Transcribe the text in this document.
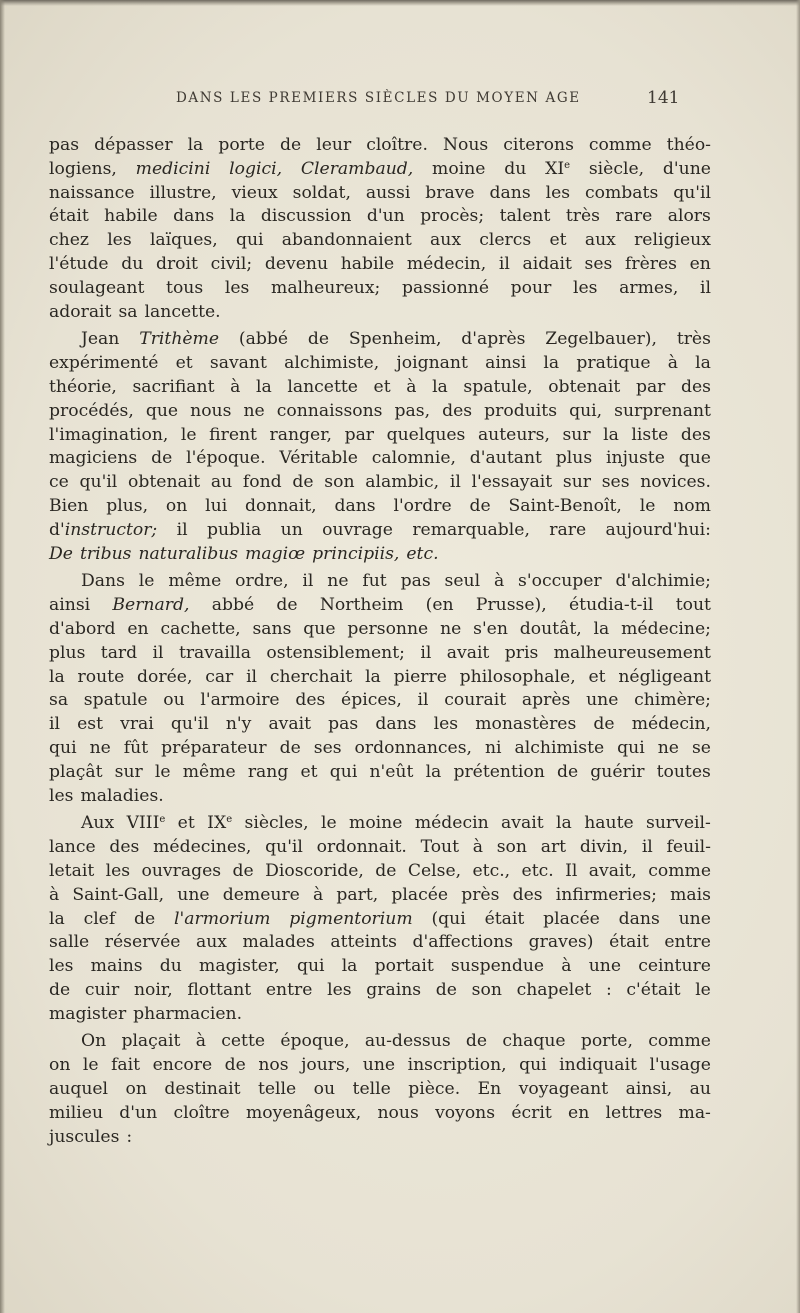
DANS LES PREMIERS SIÈCLES DU MOYEN AGE	141
pas dépasser la porte de leur cloître. Nous citerons comme théo-
logiens, medicini logici, Clerambaud, moine du XIe siècle, d'une
naissance illustre, vieux soldat, aussi brave dans les combats qu'il
était habile dans la discussion d'un procès; talent très rare alors
chez les laïques, qui abandonnaient aux clercs et aux religieux
l'étude du droit civil; devenu habile médecin, il aidait ses frères en
soulageant tous les malheureux; passionné pour les armes, il
adorait sa lancette.
Jean Trithème (abbé de Spenheim, d'après Zegelbauer), très
expérimenté et savant alchimiste, joignant ainsi la pratique à la
théorie, sacrifiant à la lancette et à la spatule, obtenait par des
procédés, que nous ne connaissons pas, des produits qui, surprenant
l'imagination, le firent ranger, par quelques auteurs, sur la liste des
magiciens de l'époque. Véritable calomnie, d'autant plus injuste que
ce qu'il obtenait au fond de son alambic, il l'essayait sur ses novices.
Bien plus, on lui donnait, dans l'ordre de Saint-Benoît, le nom
d'instructor; il publia un ouvrage remarquable, rare aujourd'hui:
De tribus naturalibus magiœ principiis, etc.
Dans le même ordre, il ne fut pas seul à s'occuper d'alchimie;
ainsi Bernard, abbé de Northeim (en Prusse), étudia-t-il tout
d'abord en cachette, sans que personne ne s'en doutât, la médecine;
plus tard il travailla ostensiblement; il avait pris malheureusement
la route dorée, car il cherchait la pierre philosophale, et négligeant
sa spatule ou l'armoire des épices, il courait après une chimère;
il est vrai qu'il n'y avait pas dans les monastères de médecin,
qui ne fût préparateur de ses ordonnances, ni alchimiste qui ne se
plaçât sur le même rang et qui n'eût la prétention de guérir toutes
les maladies.
Aux VIIIe et IXe siècles, le moine médecin avait la haute surveil-
lance des médecines, qu'il ordonnait. Tout à son art divin, il feuil-
letait les ouvrages de Dioscoride, de Celse, etc., etc. Il avait, comme
à Saint-Gall, une demeure à part, placée près des infirmeries; mais
la clef de l'armorium pigmentorium (qui était placée dans une
salle réservée aux malades atteints d'affections graves) était entre
les mains du magister, qui la portait suspendue à une ceinture
de cuir noir, flottant entre les grains de son chapelet : c'était le
magister pharmacien.
On plaçait à cette époque, au-dessus de chaque porte, comme
on le fait encore de nos jours, une inscription, qui indiquait l'usage
auquel on destinait telle ou telle pièce. En voyageant ainsi, au
milieu d'un cloître moyenâgeux, nous voyons écrit en lettres ma-
juscules :
